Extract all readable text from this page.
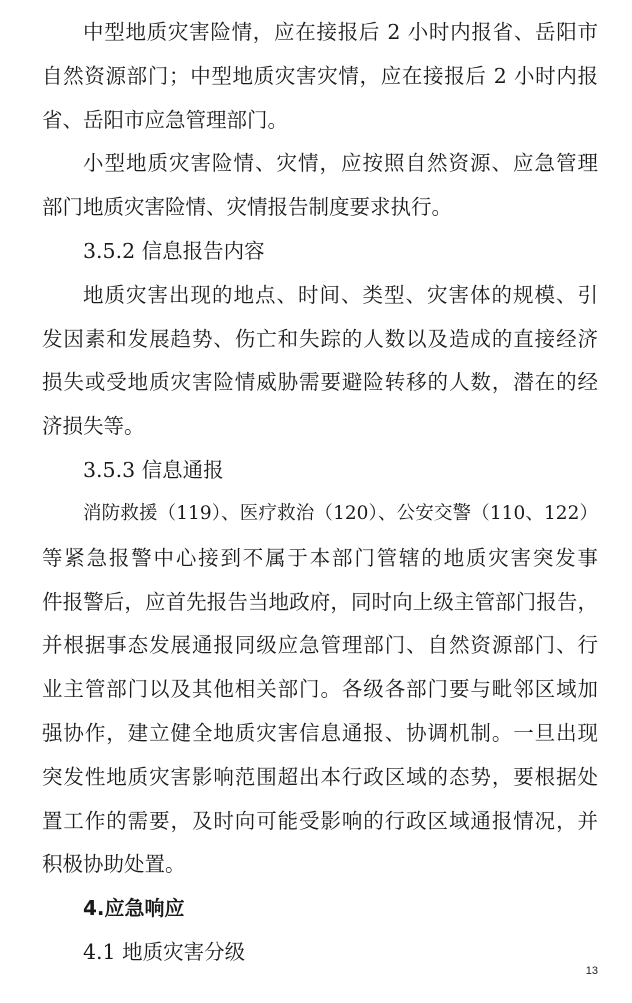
中型地质灾害险情，应在接报后 2 小时内报省、岳阳市
自然资源部门；中型地质灾害灾情，应在接报后 2 小时内报
省、岳阳市应急管理部门。
小型地质灾害险情、灾情，应按照自然资源、应急管理
部门地质灾害险情、灾情报告制度要求执行。
3.5.2 信息报告内容
地质灾害出现的地点、时间、类型、灾害体的规模、引
发因素和发展趋势、伤亡和失踪的人数以及造成的直接经济
损失或受地质灾害险情威胁需要避险转移的人数，潜在的经
济损失等。
3.5.3 信息通报
消防救援（119）、医疗救治（120）、公安交警（110、122）
等紧急报警中心接到不属于本部门管辖的地质灾害突发事
件报警后，应首先报告当地政府，同时向上级主管部门报告，
并根据事态发展通报同级应急管理部门、自然资源部门、行
业主管部门以及其他相关部门。各级各部门要与毗邻区域加
强协作，建立健全地质灾害信息通报、协调机制。一旦出现
突发性地质灾害影响范围超出本行政区域的态势，要根据处
置工作的需要，及时向可能受影响的行政区域通报情况，并
积极协助处置。
4.应急响应
4.1 地质灾害分级
13
